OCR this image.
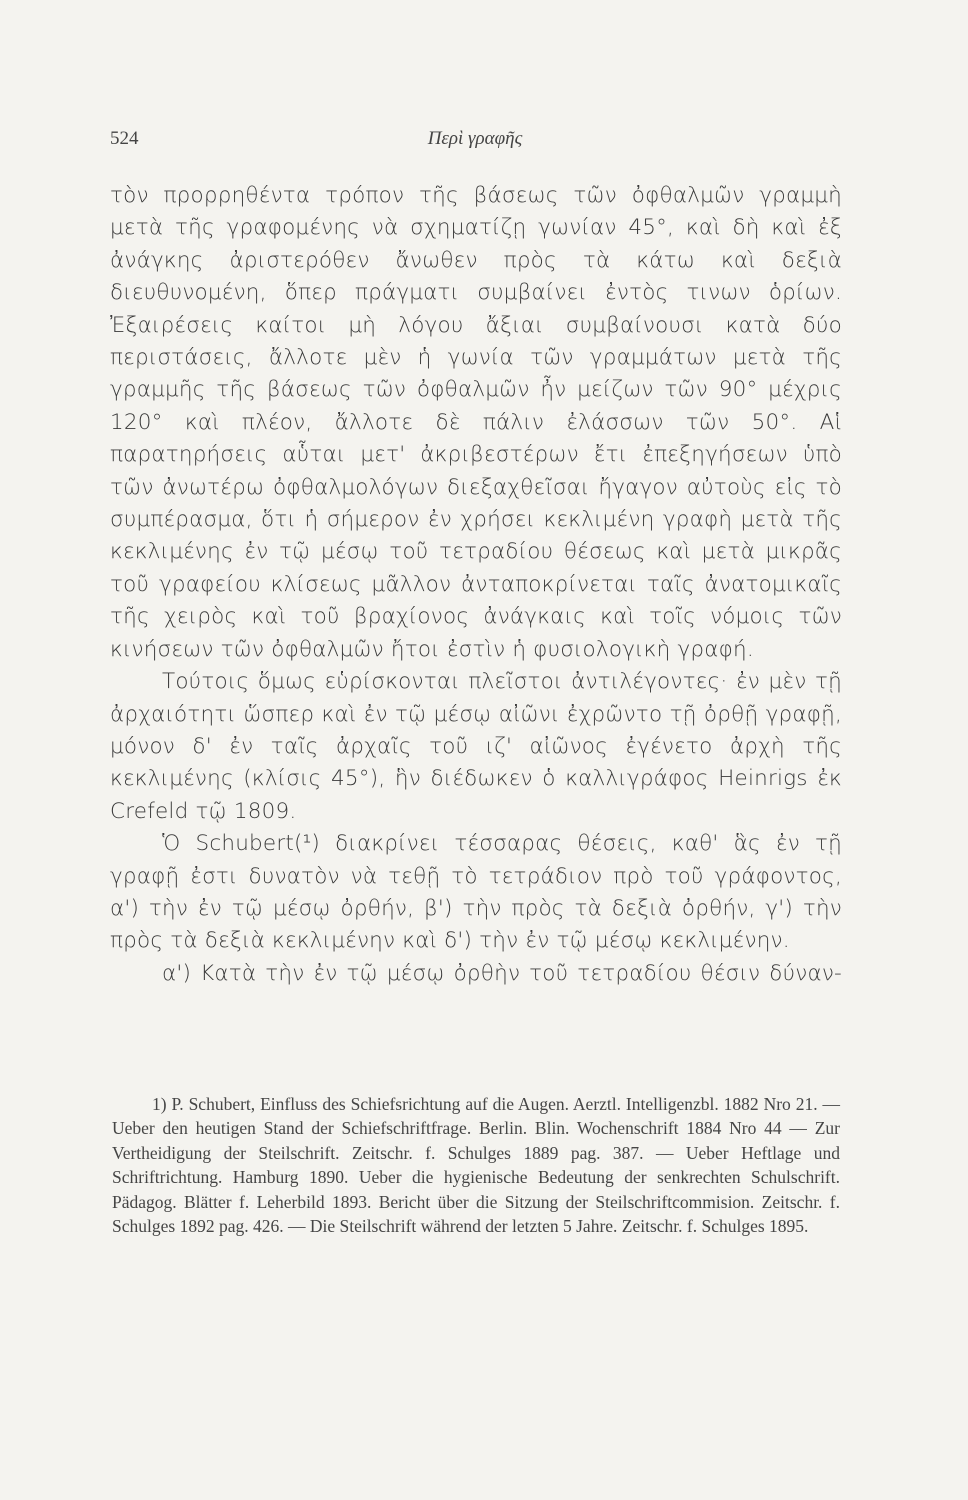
524	Περὶ γραφῆς

τὸν προρρηθέντα τρόπον τῆς βάσεως τῶν ὀφθαλμῶν γραμμὴ μετὰ τῆς γραφομένης νὰ σχηματίζῃ γωνίαν 45°, καὶ δὴ καὶ ἐξ ἀνάγκης ἀριστερόθεν ἄνωθεν πρὸς τὰ κάτω καὶ δεξιὰ διευθυνομένη, ὅπερ πράγματι συμβαίνει ἐντὸς τινων ὁρίων. Ἐξαιρέσεις καίτοι μὴ λόγου ἄξιαι συμβαίνουσι κατὰ δύο περιστάσεις, ἄλλοτε μὲν ἡ γωνία τῶν γραμμάτων μετὰ τῆς γραμμῆς τῆς βάσεως τῶν ὀφθαλμῶν ἦν μείζων τῶν 90° μέχρις 120° καὶ πλέον, ἄλλοτε δὲ πάλιν ἐλάσσων τῶν 50°. Αἱ παρατηρήσεις αὗται μετ' ἀκριβεστέρων ἔτι ἐπεξηγήσεων ὑπὸ τῶν ἀνωτέρω ὀφθαλμολόγων διεξαχθεῖσαι ἤγαγον αὐτοὺς εἰς τὸ συμπέρασμα, ὅτι ἡ σήμερον ἐν χρήσει κεκλιμένη γραφὴ μετὰ τῆς κεκλιμένης ἐν τῷ μέσῳ τοῦ τετραδίου θέσεως καὶ μετὰ μικρᾶς τοῦ γραφείου κλίσεως μᾶλλον ἀνταποκρίνεται ταῖς ἀνατομικαῖς τῆς χειρὸς καὶ τοῦ βραχίονος ἀνάγκαις καὶ τοῖς νόμοις τῶν κινήσεων τῶν ὀφθαλμῶν ἤτοι ἐστὶν ἡ φυσιολογικὴ γραφή.

Τούτοις ὅμως εὑρίσκονται πλεῖστοι ἀντιλέγοντες· ἐν μὲν τῇ ἀρχαιότητι ὥσπερ καὶ ἐν τῷ μέσῳ αἰῶνι ἐχρῶντο τῇ ὀρθῇ γραφῇ, μόνον δ' ἐν ταῖς ἀρχαῖς τοῦ ιζ' αἰῶνος ἐγένετο ἀρχὴ τῆς κεκλιμένης (κλίσις 45°), ἣν διέδωκεν ὁ καλλιγράφος Heinrigs ἐκ Crefeld τῷ 1809.

Ὁ Schubert(¹) διακρίνει τέσσαρας θέσεις, καθ' ἃς ἐν τῇ γραφῇ ἐστι δυνατὸν νὰ τεθῇ τὸ τετράδιον πρὸ τοῦ γράφοντος, α') τὴν ἐν τῷ μέσῳ ὀρθήν, β') τὴν πρὸς τὰ δεξιὰ ὀρθήν, γ') τὴν πρὸς τὰ δεξιὰ κεκλιμένην καὶ δ') τὴν ἐν τῷ μέσῳ κεκλιμένην.

α') Κατὰ τὴν ἐν τῷ μέσῳ ὀρθὴν τοῦ τετραδίου θέσιν δύναν-

1) P. Schubert, Einfluss des Schiefsrichtung auf die Augen. Aerztl. Intelligenzbl. 1882 Nro 21. — Ueber den heutigen Stand der Schiefschriftfrage. Berlin. Blin. Wochenschrift 1884 Nro 44 — Zur Vertheidigung der Steilschrift. Zeitschr. f. Schulges 1889 pag. 387. — Ueber Heftlage und Schriftrichtung. Hamburg 1890. Ueber die hygienische Bedeutung der senkrechten Schulschrift. Pädagog. Blätter f. Leherbild 1893. Bericht über die Sitzung der Steilschriftcommision. Zeitschr. f. Schulges 1892 pag. 426. — Die Steilschrift während der letzten 5 Jahre. Zeitschr. f. Schulges 1895.
